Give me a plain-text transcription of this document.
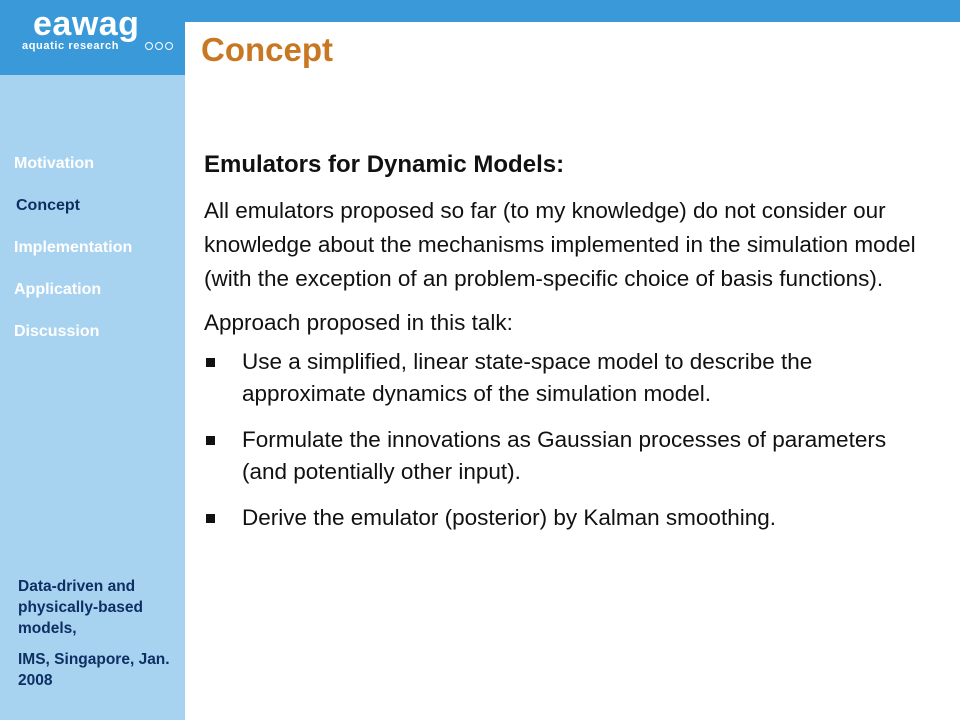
eawag
aquatic research
Motivation
Concept
Implementation
Application
Discussion

Data-driven and physically-based models,

IMS, Singapore, Jan. 2008

Concept
Emulators for Dynamic Models:

All emulators proposed so far (to my knowledge) do not consider our knowledge about the mechanisms implemented in the simulation model (with the exception of an problem-specific choice of basis functions).

Approach proposed in this talk:

Use a simplified, linear state-space model to describe the approximate dynamics of the simulation model.
Formulate the innovations as Gaussian processes of parameters (and potentially other input).
Derive the emulator (posterior) by Kalman smoothing.
